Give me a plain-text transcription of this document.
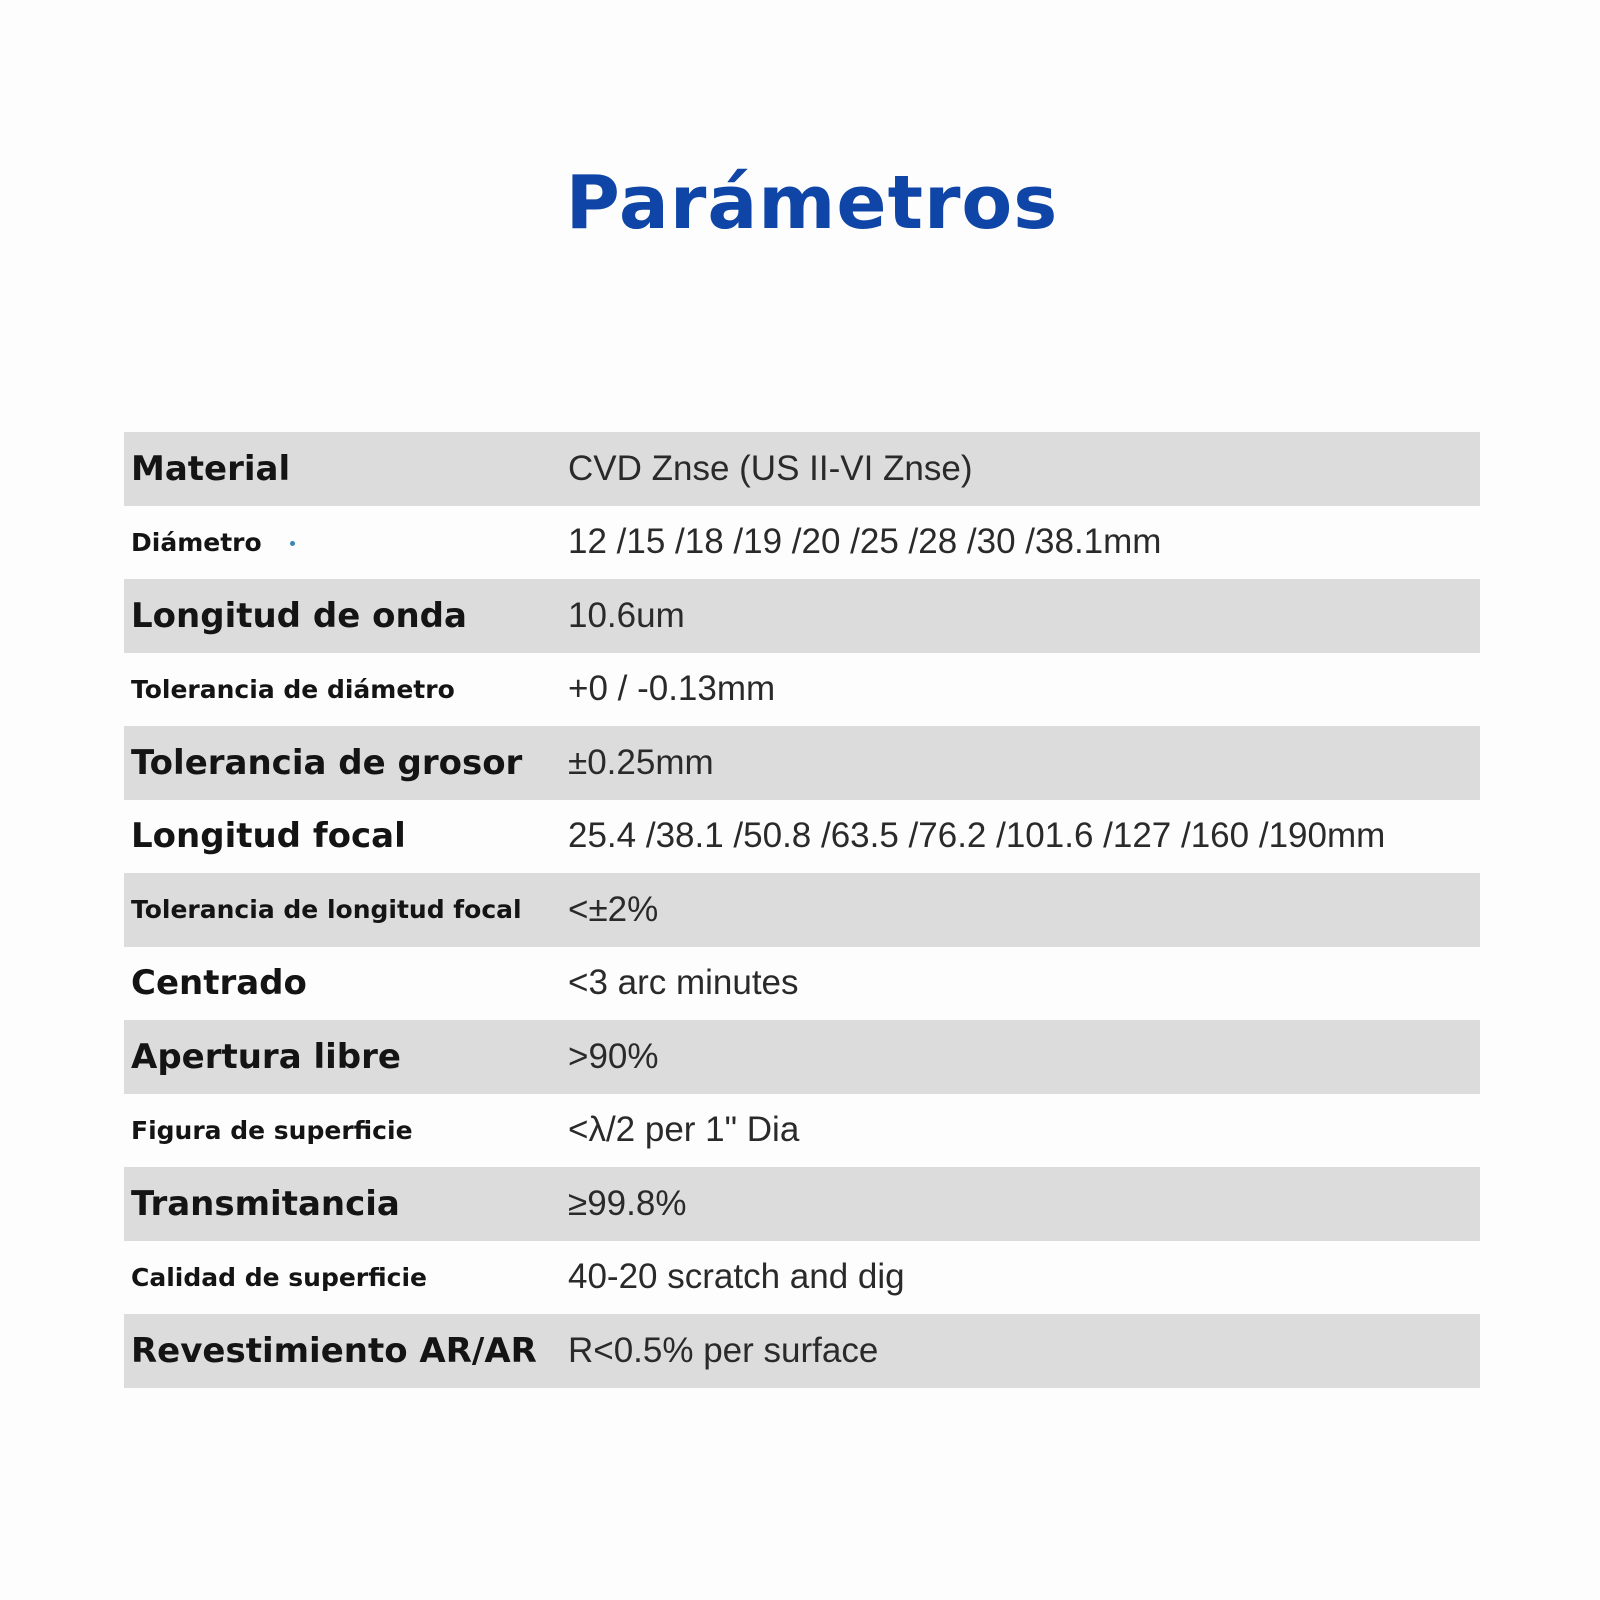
Parámetros
Material	CVD Znse (US II-VI Znse)
Diámetro	12 /15 /18 /19 /20 /25 /28 /30 /38.1mm
Longitud de onda	10.6um
Tolerancia de diámetro	+0 / -0.13mm
Tolerancia de grosor ±0.25mm
Longitud focal	25.4 /38.1 /50.8 /63.5 /76.2 /101.6 /127 /160 /190mm
Tolerancia de longitud focal <±2%
Centrado	<3 arc minutes
Apertura libre	>90%
Figura de superficie	<λ/2 per 1" Dia
Transmitancia	≥99.8%
Calidad de superficie	40-20 scratch and dig
Revestimiento AR/AR R<0.5% per surface
